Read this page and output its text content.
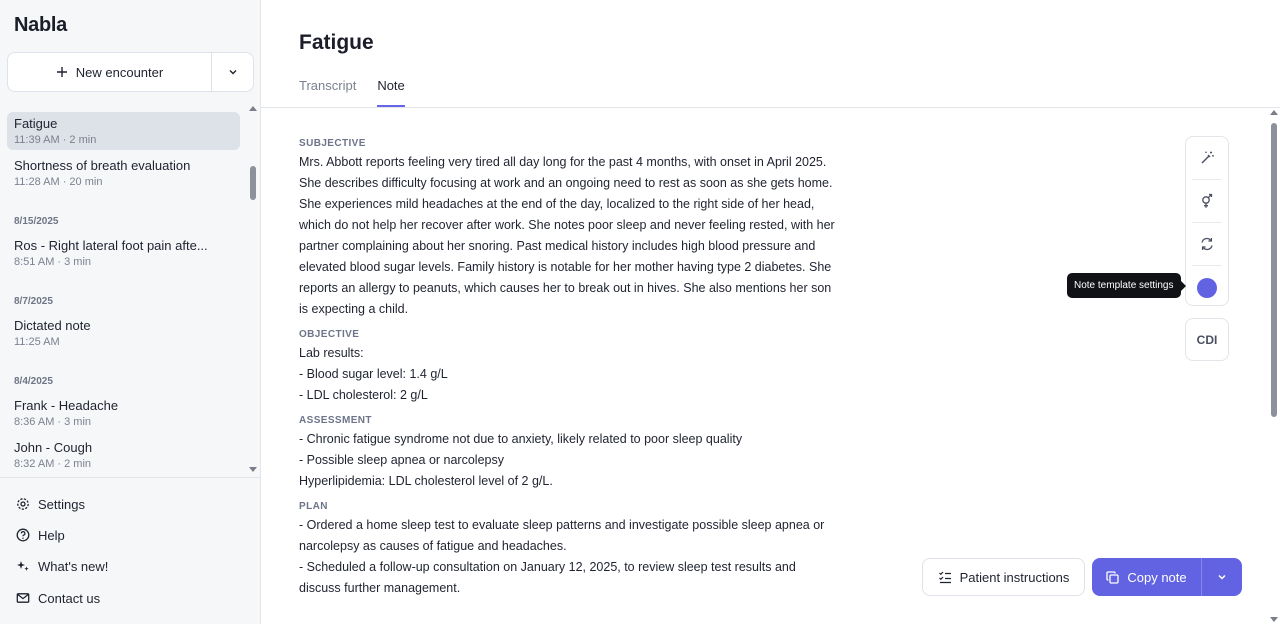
Nabla
New encounter
Fatigue
11:39 AM · 2 min
Shortness of breath evaluation
11:28 AM · 20 min
8/15/2025
Ros - Right lateral foot pain afte...
8:51 AM · 3 min
8/7/2025
Dictated note
11:25 AM
8/4/2025
Frank - Headache
8:36 AM · 3 min
John - Cough
8:32 AM · 2 min
Settings
Help
What's new!
Contact us
Fatigue
Transcript Note
SUBJECTIVE

Mrs. Abbott reports feeling very tired all day long for the past 4 months, with onset in April 2025. She describes difficulty focusing at work and an ongoing need to rest as soon as she gets home. She experiences mild headaches at the end of the day, localized to the right side of her head, which do not help her recover after work. She notes poor sleep and never feeling rested, with her partner complaining about her snoring. Past medical history includes high blood pressure and elevated blood sugar levels. Family history is notable for her mother having type 2 diabetes. She reports an allergy to peanuts, which causes her to break out in hives. She also mentions her son is expecting a child.

OBJECTIVE

Lab results:

- Blood sugar level: 1.4 g/L

- LDL cholesterol: 2 g/L

ASSESSMENT

- Chronic fatigue syndrome not due to anxiety, likely related to poor sleep quality

- Possible sleep apnea or narcolepsy

Hyperlipidemia: LDL cholesterol level of 2 g/L.

PLAN

- Ordered a home sleep test to evaluate sleep patterns and investigate possible sleep apnea or narcolepsy as causes of fatigue and headaches.

- Scheduled a follow-up consultation on January 12, 2025, to review sleep test results and discuss further management.

Note template settings
CDI
Patient instructions	Copy note
